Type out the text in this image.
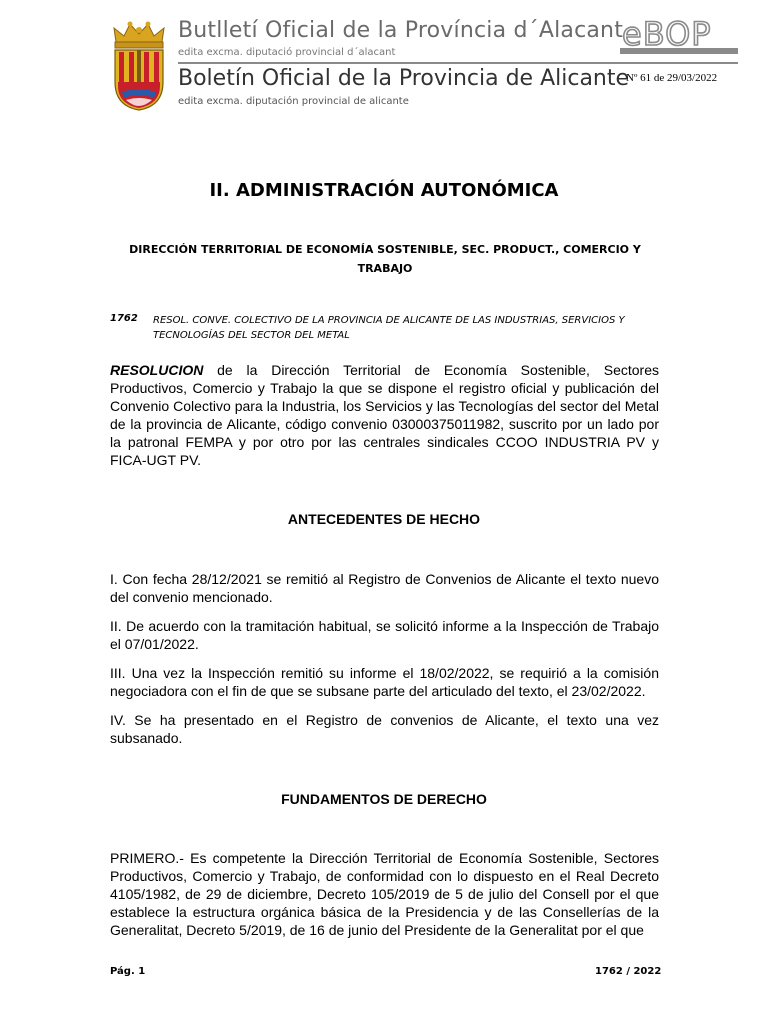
Butlletí Oficial de la Província d´Alacant
edita excma. diputació provincial d´alacant
Boletín Oficial de la Provincia de Alicante
edita excma. diputación provincial de alicante
eBOP
Nº 61 de 29/03/2022
II. ADMINISTRACIÓN AUTONÓMICA
DIRECCIÓN TERRITORIAL DE ECONOMÍA SOSTENIBLE, SEC. PRODUCT., COMERCIO Y TRABAJO
1762 RESOL. CONVE. COLECTIVO DE LA PROVINCIA DE ALICANTE DE LAS INDUSTRIAS, SERVICIOS Y TECNOLOGÍAS DEL SECTOR DEL METAL
RESOLUCION de la Dirección Territorial de Economía Sostenible, Sectores Productivos, Comercio y Trabajo la que se dispone el registro oficial y publicación del Convenio Colectivo para la Industria, los Servicios y las Tecnologías del sector del Metal de la provincia de Alicante, código convenio 03000375011982, suscrito por un lado por la patronal FEMPA y por otro por las centrales sindicales CCOO INDUSTRIA PV y FICA-UGT PV.
ANTECEDENTES DE HECHO
I. Con fecha 28/12/2021 se remitió al Registro de Convenios de Alicante el texto nuevo del convenio mencionado.
II. De acuerdo con la tramitación habitual, se solicitó informe a la Inspección de Trabajo el 07/01/2022.
III. Una vez la Inspección remitió su informe el 18/02/2022, se requirió a la comisión negociadora con el fin de que se subsane parte del articulado del texto, el 23/02/2022.
IV. Se ha presentado en el Registro de convenios de Alicante, el texto una vez subsanado.
FUNDAMENTOS DE DERECHO
PRIMERO.- Es competente la Dirección Territorial de Economía Sostenible, Sectores Productivos, Comercio y Trabajo, de conformidad con lo dispuesto en el Real Decreto 4105/1982, de 29 de diciembre, Decreto 105/2019 de 5 de julio del Consell por el que establece la estructura orgánica básica de la Presidencia y de las Consellerías de la Generalitat, Decreto 5/2019, de 16 de junio del Presidente de la Generalitat por el que
Pág. 1	1762 / 2022
